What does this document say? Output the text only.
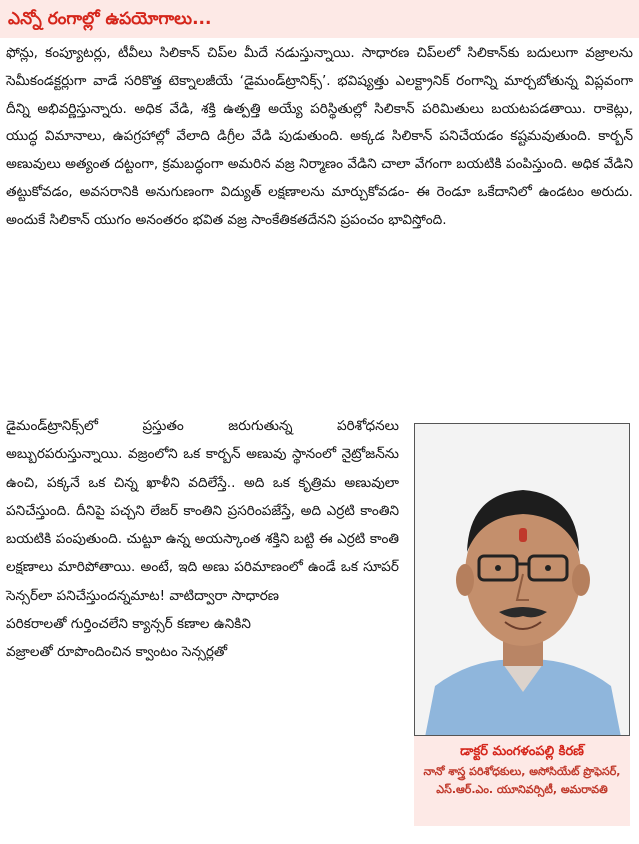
ఎన్నో రంగాల్లో ఉపయోగాలు...

ఫోన్లు, కంప్యూటర్లు, టీవీలు సిలికాన్‌ చిప్‌ల మీదే నడుస్తున్నాయి. సాధారణ చిప్‌లలో సిలికాన్‌కు బదులుగా వజ్రాలను సెమీకండక్టర్లుగా వాడే సరికొత్త టెక్నాలజీయే ‘డైమండ్‌ట్రానిక్స్‌’. భవిష్యత్తు ఎలక్ట్రానిక్‌ రంగాన్ని మార్చబోతున్న విప్లవంగా దీన్ని అభివర్ణిస్తున్నారు. అధిక వేడి, శక్తి ఉత్పత్తి అయ్యే పరిస్థితుల్లో సిలికాన్‌ పరిమితులు బయటపడతాయి. రాకెట్లు, యుద్ధ విమానాలు, ఉపగ్రహాల్లో వేలాది డిగ్రీల వేడి పుడుతుంది. అక్కడ సిలికాన్‌ పనిచేయడం కష్టమవుతుంది. కార్బన్‌ అణువులు అత్యంత దట్టంగా, క్రమబద్ధంగా అమరిన వజ్ర నిర్మాణం వేడిని చాలా వేగంగా బయటికి పంపిస్తుంది. అధిక వేడిని తట్టుకోవడం, అవసరానికి అనుగుణంగా విద్యుత్‌ లక్షణాలను మార్చుకోవడం- ఈ రెండూ ఒకేదానిలో ఉండటం అరుదు. అందుకే సిలికాన్‌ యుగం అనంతరం భవిత వజ్ర సాంకేతికతదేనని ప్రపంచం భావిస్తోంది.

డైమండ్‌ట్రానిక్స్‌లో ప్రస్తుతం జరుగుతున్న పరిశోధనలు అబ్బురపరుస్తున్నాయి. వజ్రంలోని ఒక కార్బన్‌ అణువు స్థానంలో నైట్రోజన్‌ను ఉంచి, పక్కనే ఒక చిన్న ఖాళీని వదిలేస్తే.. అది ఒక కృత్రిమ అణువులా పనిచేస్తుంది. దీనిపై పచ్చని లేజర్‌ కాంతిని ప్రసరింపజేస్తే, అది ఎర్రటి కాంతిని బయటికి పంపుతుంది. చుట్టూ ఉన్న అయస్కాంత శక్తిని బట్టి ఈ ఎర్రటి కాంతి లక్షణాలు మారిపోతాయి. అంటే, ఇది అణు పరిమాణంలో ఉండే ఒక సూపర్‌ సెన్సర్‌లా పనిచేస్తుందన్నమాట! వాటిద్వారా సాధారణ
పరికరాలతో గుర్తించలేని క్యాన్సర్‌ కణాల ఉనికిని
వజ్రాలతో రూపొందించిన క్వాంటం సెన్సర్లతో
డాక్టర్‌ మంగళంపల్లి కిరణ్‌
నానో శాస్త్ర పరిశోధకులు, అసోసియేట్‌ ప్రొఫెసర్‌, ఎస్‌.ఆర్‌.ఎం. యూనివర్సిటీ, అమరావతి
